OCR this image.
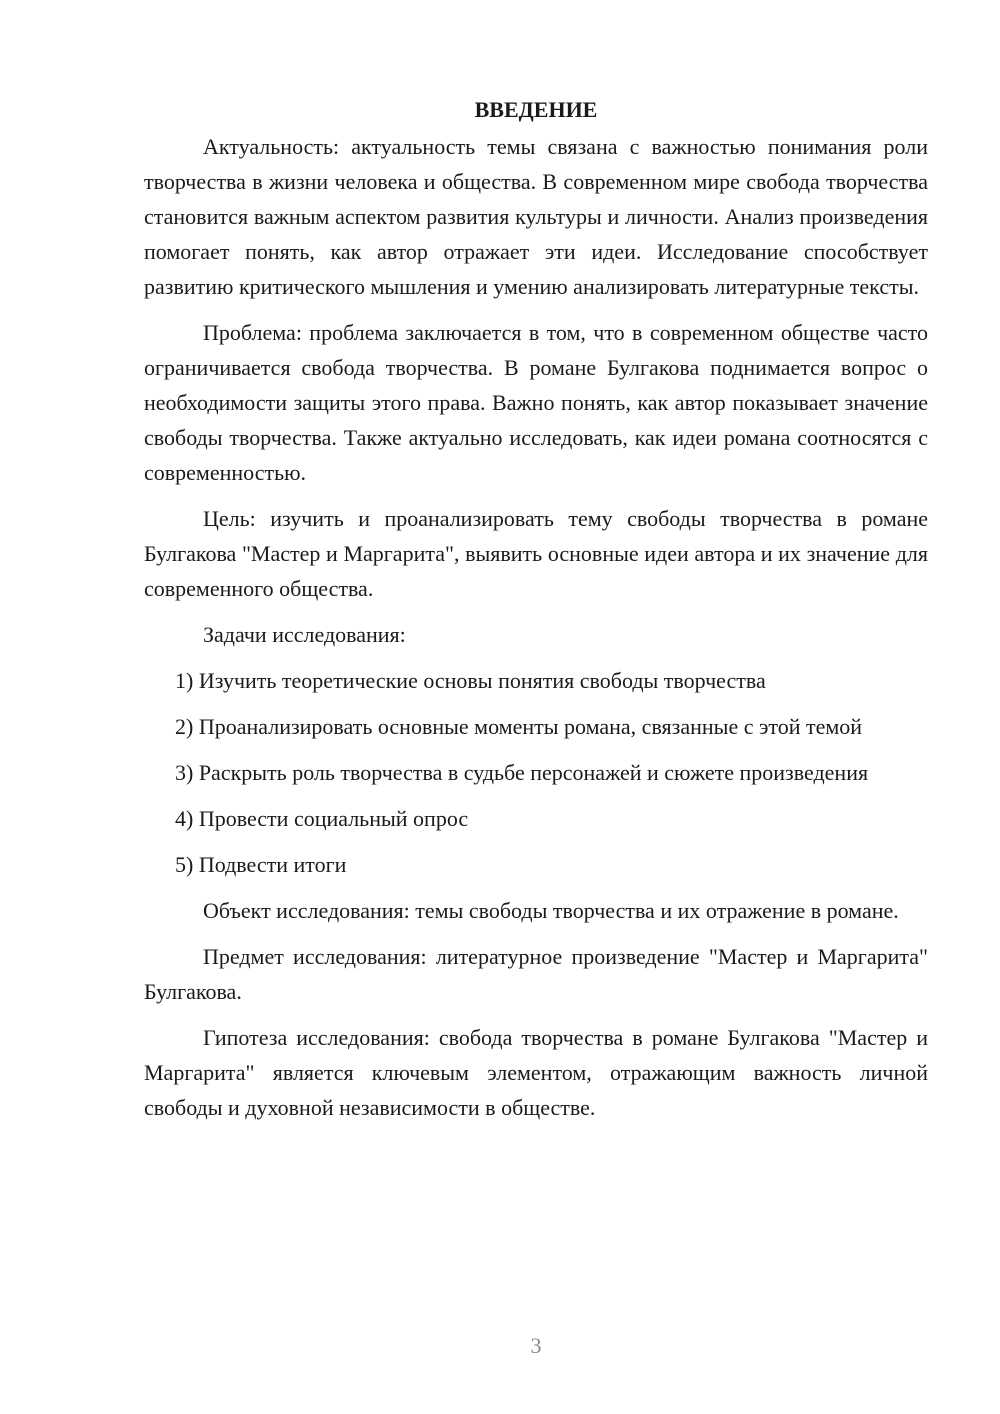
ВВЕДЕНИЕ

Актуальность: актуальность темы связана с важностью понимания роли творчества в жизни человека и общества. В современном мире свобода творчества становится важным аспектом развития культуры и личности. Анализ произведения помогает понять, как автор отражает эти идеи. Исследование способствует развитию критического мышления и умению анализировать литературные тексты.

Проблема: проблема заключается в том, что в современном обществе часто ограничивается свобода творчества. В романе Булгакова поднимается вопрос о необходимости защиты этого права. Важно понять, как автор показывает значение свободы творчества. Также актуально исследовать, как идеи романа соотносятся с современностью.

Цель: изучить и проанализировать тему свободы творчества в романе Булгакова "Мастер и Маргарита", выявить основные идеи автора и их значение для современного общества.

Задачи исследования:

1) Изучить теоретические основы понятия свободы творчества

2) Проанализировать основные моменты романа, связанные с этой темой

3) Раскрыть роль творчества в судьбе персонажей и сюжете произведения

4) Провести социальный опрос

5) Подвести итоги

Объект исследования: темы свободы творчества и их отражение в романе.

Предмет исследования: литературное произведение "Мастер и Маргарита" Булгакова.

Гипотеза исследования: свобода творчества в романе Булгакова "Мастер и Маргарита" является ключевым элементом, отражающим важность личной свободы и духовной независимости в обществе.

3
